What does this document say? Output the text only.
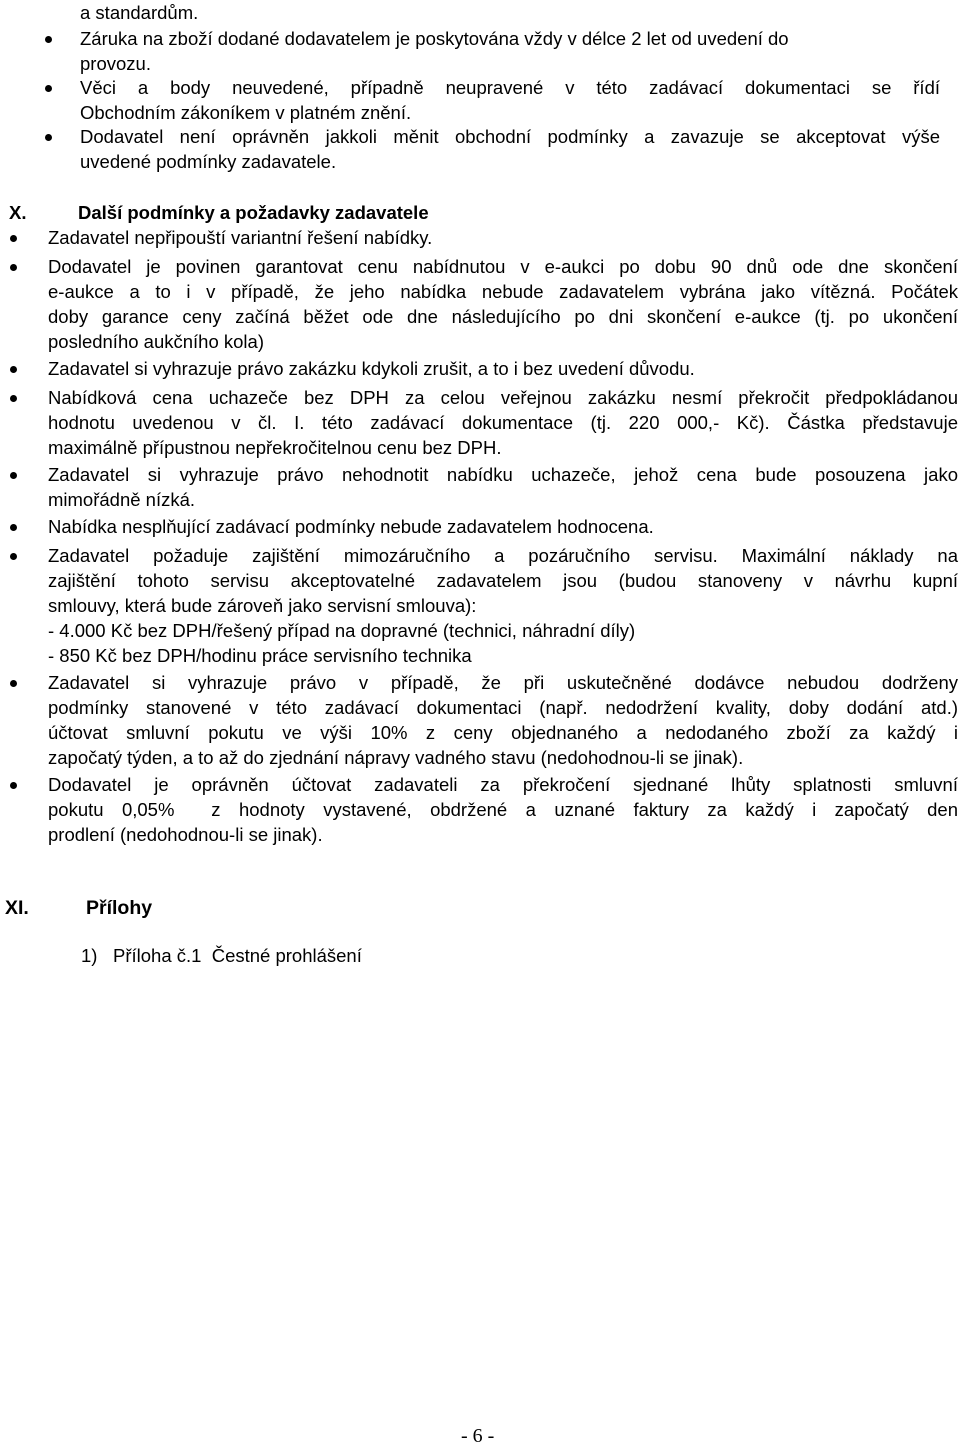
a standardům.
Záruka na zboží dodané dodavatelem je poskytována vždy v délce 2 let od uvedení do
provozu.
Věci a body neuvedené, případně neupravené v této zadávací dokumentaci se řídí
Obchodním zákoníkem v platném znění.
Dodavatel není oprávněn jakkoli měnit obchodní podmínky a zavazuje se akceptovat výše
uvedené podmínky zadavatele.
X.	Další podmínky a požadavky zadavatele
Zadavatel nepřipouští variantní řešení nabídky.
Dodavatel je povinen garantovat cenu nabídnutou v e-aukci po dobu 90 dnů ode dne skončení
e-aukce a to i v případě, že jeho nabídka nebude zadavatelem vybrána jako vítězná. Počátek
doby garance ceny začíná běžet ode dne následujícího po dni skončení e-aukce (tj. po ukončení
posledního aukčního kola)
Zadavatel si vyhrazuje právo zakázku kdykoli zrušit, a to i bez uvedení důvodu.
Nabídková cena uchazeče bez DPH za celou veřejnou zakázku nesmí překročit předpokládanou
hodnotu uvedenou v čl. I. této zadávací dokumentace (tj. 220 000,- Kč). Částka představuje
maximálně přípustnou nepřekročitelnou cenu bez DPH.
Zadavatel si vyhrazuje právo nehodnotit nabídku uchazeče, jehož cena bude posouzena jako
mimořádně nízká.
Nabídka nesplňující zadávací podmínky nebude zadavatelem hodnocena.
Zadavatel požaduje zajištění mimozáručního a pozáručního servisu. Maximální náklady na
zajištění tohoto servisu akceptovatelné zadavatelem jsou (budou stanoveny v návrhu kupní
smlouvy, která bude zároveň jako servisní smlouva):
- 4.000 Kč bez DPH/řešený případ na dopravné (technici, náhradní díly)
- 850 Kč bez DPH/hodinu práce servisního technika
Zadavatel si vyhrazuje právo v případě, že při uskutečněné dodávce nebudou dodrženy
podmínky stanovené v této zadávací dokumentaci (např. nedodržení kvality, doby dodání atd.)
účtovat smluvní pokutu ve výši 10% z ceny objednaného a nedodaného zboží za každý i
započatý týden, a to až do zjednání nápravy vadného stavu (nedohodnou-li se jinak).
Dodavatel je oprávněn účtovat zadavateli za překročení sjednané lhůty splatnosti smluvní
pokutu 0,05%  z hodnoty vystavené, obdržené a uznané faktury za každý i započatý den
prodlení (nedohodnou-li se jinak).
XI.	Přílohy
1) Příloha č.1  Čestné prohlášení
- 6 -
